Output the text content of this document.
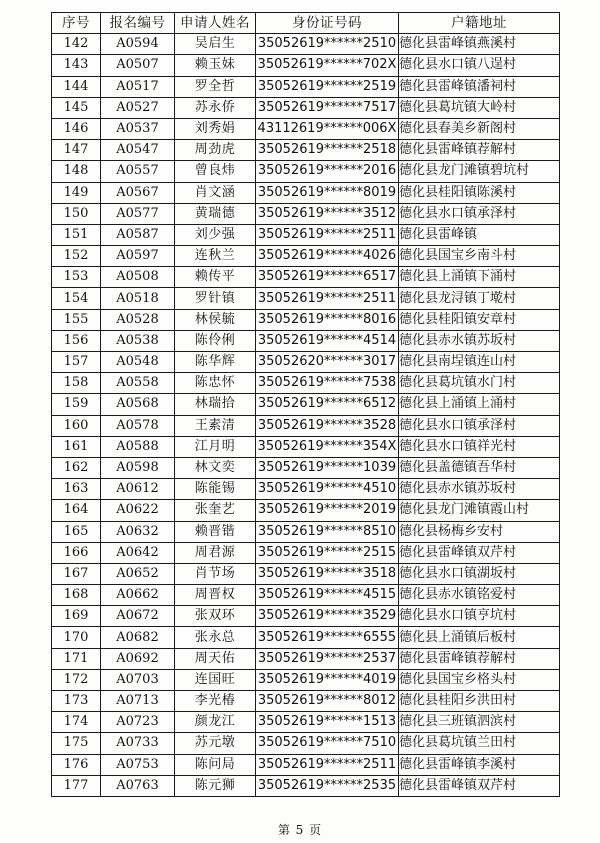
序号	报名编号	申请人姓名	身份证号码	户籍地址
142	A0594	吴启生	35052619******2510	德化县雷峰镇燕溪村
143	A0507	赖玉妹	35052619******702X	德化县水口镇八逞村
144	A0517	罗全哲	35052619******2519	德化县雷峰镇潘祠村
145	A0527	苏永侨	35052619******7517	德化县葛坑镇大岭村
146	A0537	刘秀娟	43112619******006X	德化县春美乡新阁村
147	A0547	周劲虎	35052619******2518	德化县雷峰镇荐解村
148	A0557	曾良炜	35052619******2016	德化县龙门滩镇碧坑村
149	A0567	肖文涵	35052619******8019	德化县桂阳镇陈溪村
150	A0577	黄瑞德	35052619******3512	德化县水口镇承泽村
151	A0587	刘少强	35052619******2511	德化县雷峰镇
152	A0597	连秋兰	35052619******4026	德化县国宝乡南斗村
153	A0508	赖传平	35052619******6517	德化县上涌镇下涌村
154	A0518	罗针镇	35052619******2511	德化县龙浔镇丁墘村
155	A0528	林侯毓	35052619******8016	德化县桂阳镇安章村
156	A0538	陈伶俐	35052619******4514	德化县赤水镇苏坂村
157	A0548	陈华辉	35052620******3017	德化县南埕镇连山村
158	A0558	陈忠怀	35052619******7538	德化县葛坑镇水门村
159	A0568	林瑞拾	35052619******6512	德化县上涌镇上涌村
160	A0578	王素清	35052619******3528	德化县水口镇承泽村
161	A0588	江月明	35052619******354X	德化县水口镇祥光村
162	A0598	林文奕	35052619******1039	德化县盖德镇吾华村
163	A0612	陈能锡	35052619******4510	德化县赤水镇苏坂村
164	A0622	张奎艺	35052619******2019	德化县龙门滩镇霞山村
165	A0632	赖晋锴	35052619******8510	德化县杨梅乡安村
166	A0642	周君源	35052619******2515	德化县雷峰镇双芹村
167	A0652	肖节场	35052619******3518	德化县水口镇湖坂村
168	A0662	周晋权	35052619******4515	德化县赤水镇铭爱村
169	A0672	张双环	35052619******3529	德化县水口镇亨坑村
170	A0682	张永总	35052619******6555	德化县上涌镇后板村
171	A0692	周天佑	35052619******2537	德化县雷峰镇荐解村
172	A0703	连国旺	35052619******4019	德化县国宝乡格头村
173	A0713	李光椿	35052619******8012	德化县桂阳乡洪田村
174	A0723	颜龙江	35052619******1513	德化县三班镇泗滨村
175	A0733	苏元墩	35052619******7510	德化县葛坑镇兰田村
176	A0753	陈问局	35052619******2511	德化县雷峰镇李溪村
177	A0763	陈元狮	35052619******2535	德化县雷峰镇双芹村
第 5 页
